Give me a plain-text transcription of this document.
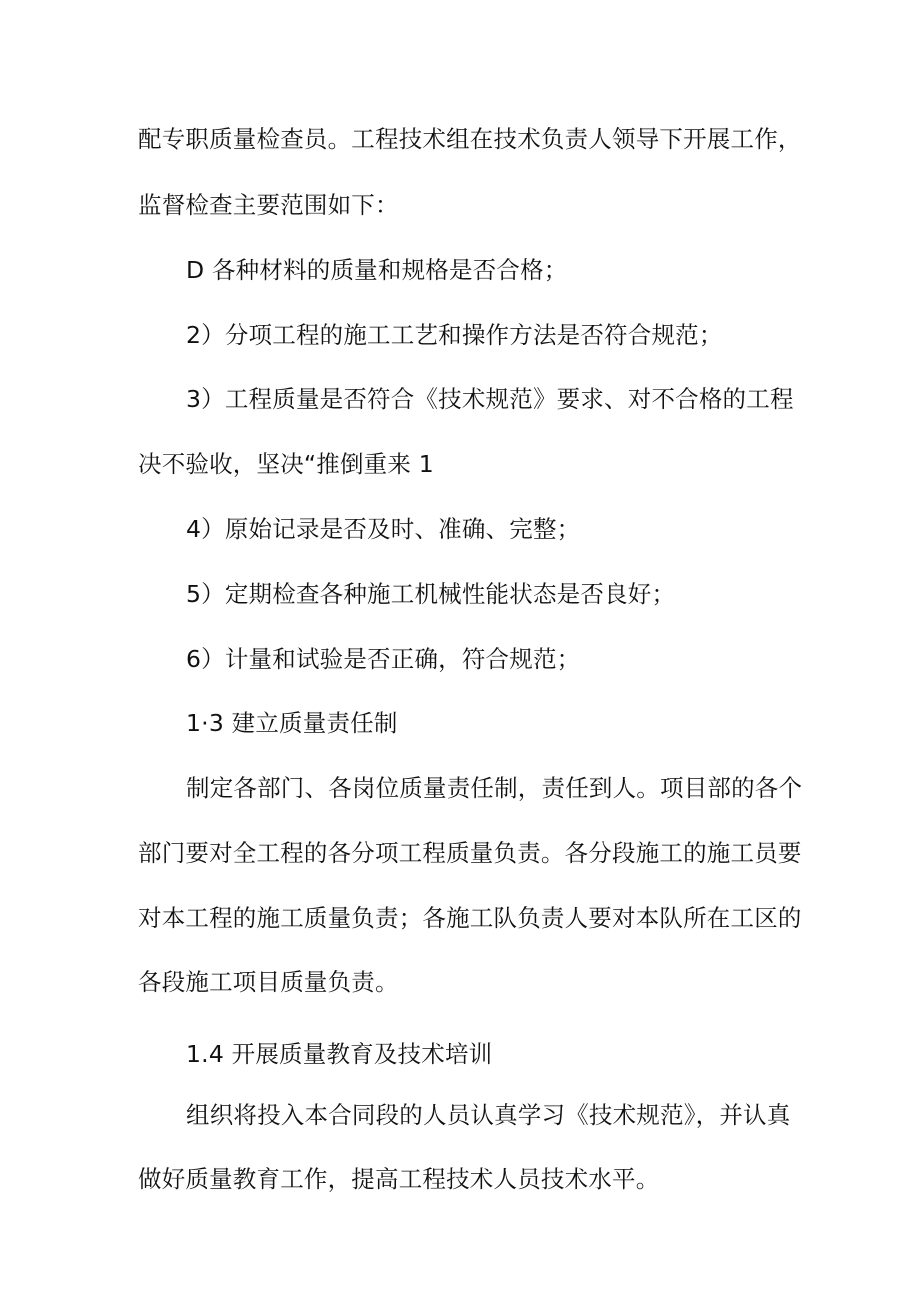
配专职质量检查员。工程技术组在技术负责人领导下开展工作，
监督检查主要范围如下：
D 各种材料的质量和规格是否合格；
2）分项工程的施工工艺和操作方法是否符合规范；
3）工程质量是否符合《技术规范》要求、对不合格的工程
决不验收，坚决“推倒重来 1
4）原始记录是否及时、准确、完整；
5）定期检查各种施工机械性能状态是否良好；
6）计量和试验是否正确，符合规范；
1·3 建立质量责任制
制定各部门、各岗位质量责任制，责任到人。项目部的各个
部门要对全工程的各分项工程质量负责。各分段施工的施工员要
对本工程的施工质量负责；各施工队负责人要对本队所在工区的
各段施工项目质量负责。
1.4 开展质量教育及技术培训
组织将投入本合同段的人员认真学习《技术规范》，并认真
做好质量教育工作，提高工程技术人员技术水平。
